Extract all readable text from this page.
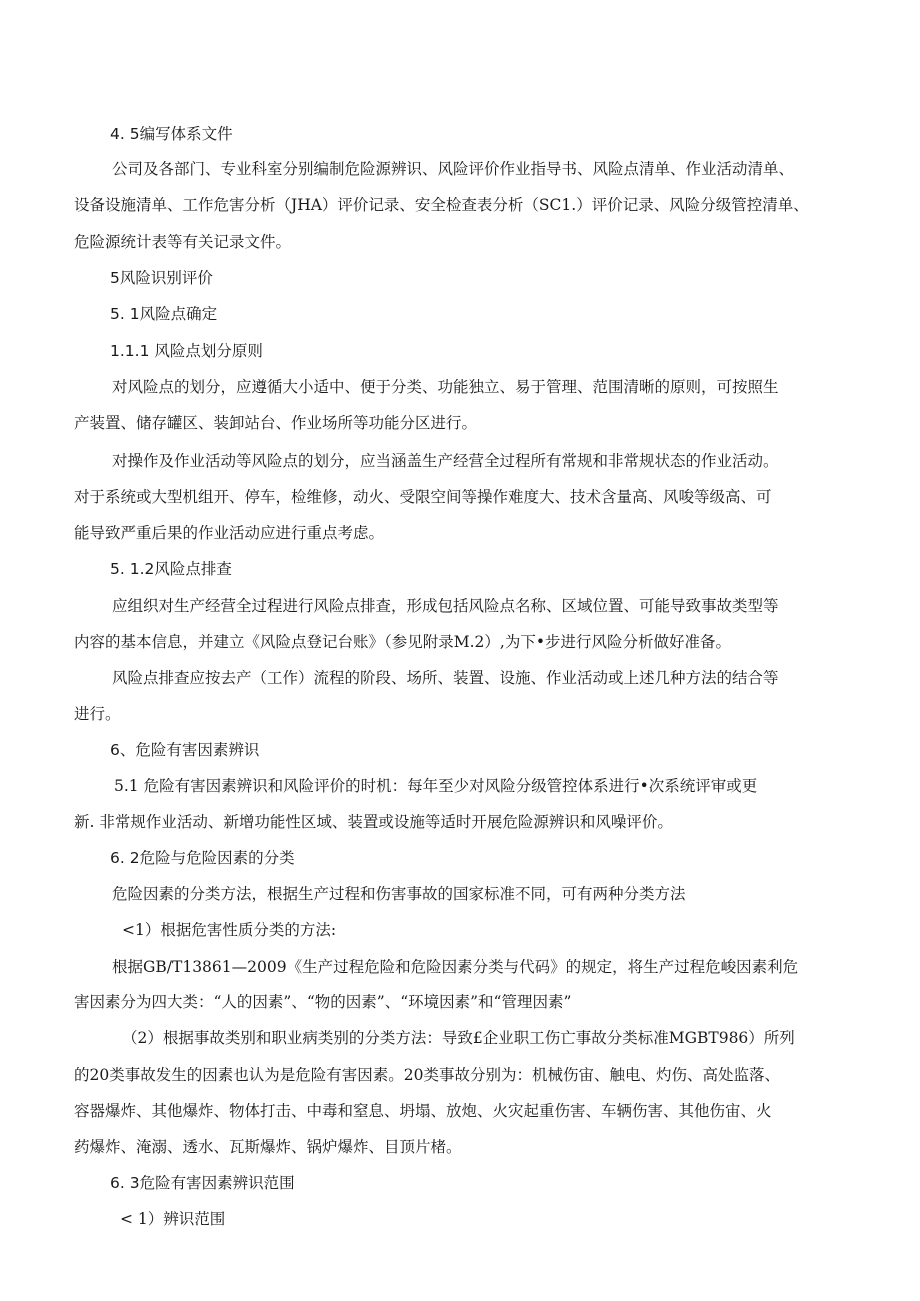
4. 5编写体系文件
公司及各部门、专业科室分别编制危险源辨识、风险评价作业指导书、风险点清单、作业活动清单、
设备设施清单、工作危害分析（JHA）评价记录、安全检查表分析（SC1.）评价记录、风险分级管控清单、
危险源统计表等有关记录文件。
5风险识别评价
5. 1风险点确定
1.1.1 风险点划分原则
对风险点的划分，应遵循大小适中、便于分类、功能独立、易于管理、范围清晰的原则，可按照生
产装置、储存罐区、装卸站台、作业场所等功能分区进行。
对操作及作业活动等风险点的划分，应当涵盖生产经营全过程所有常规和非常规状态的作业活动。
对于系统或大型机组开、停车，检维修，动火、受限空间等操作难度大、技术含量高、风唆等级高、可
能导致严重后果的作业活动应进行重点考虑。
5. 1.2风险点排查
应组织对生产经营全过程进行风险点排查，形成包括风险点名称、区域位置、可能导致事故类型等
内容的基本信息，并建立《风险点登记台账》（参见附录M.2）,为下•步进行风险分析做好准备。
风险点排查应按去产（工作）流程的阶段、场所、装置、设施、作业活动或上述几种方法的结合等
进行。
6、危险有害因素辨识
5.1 危险有害因素辨识和风险评价的时机：每年至少对风险分级管控体系进行•次系统评审或更
新. 非常规作业活动、新增功能性区域、装置或设施等适时开展危险源辨识和风噪评价。
6. 2危险与危险因素的分类
危险因素的分类方法，根据生产过程和伤害事故的国家标准不同，可有两种分类方法
<1）根据危害性质分类的方法:
根据GB/T13861—2009《生产过程危险和危险因素分类与代码》的规定，将生产过程危峻因素利危
害因素分为四大类：“人的因素”、“物的因素”、“环境因素”和“管理因素”
（2）根据事故类别和职业病类别的分类方法：导致£企业职工伤亡事故分类标准MGBT986）所列
的20类事故发生的因素也认为是危险有害因素。20类事故分别为：机械伤宙、触电、灼伤、高处监落、
容器爆炸、其他爆炸、物体打击、中毒和窒息、坍塌、放炮、火灾起重伤害、车辆伤害、其他伤宙、火
药爆炸、淹溺、透水、瓦斯爆炸、锅炉爆炸、目顶片楮。
6. 3危险有害因素辨识范围
< 1）辨识范围
